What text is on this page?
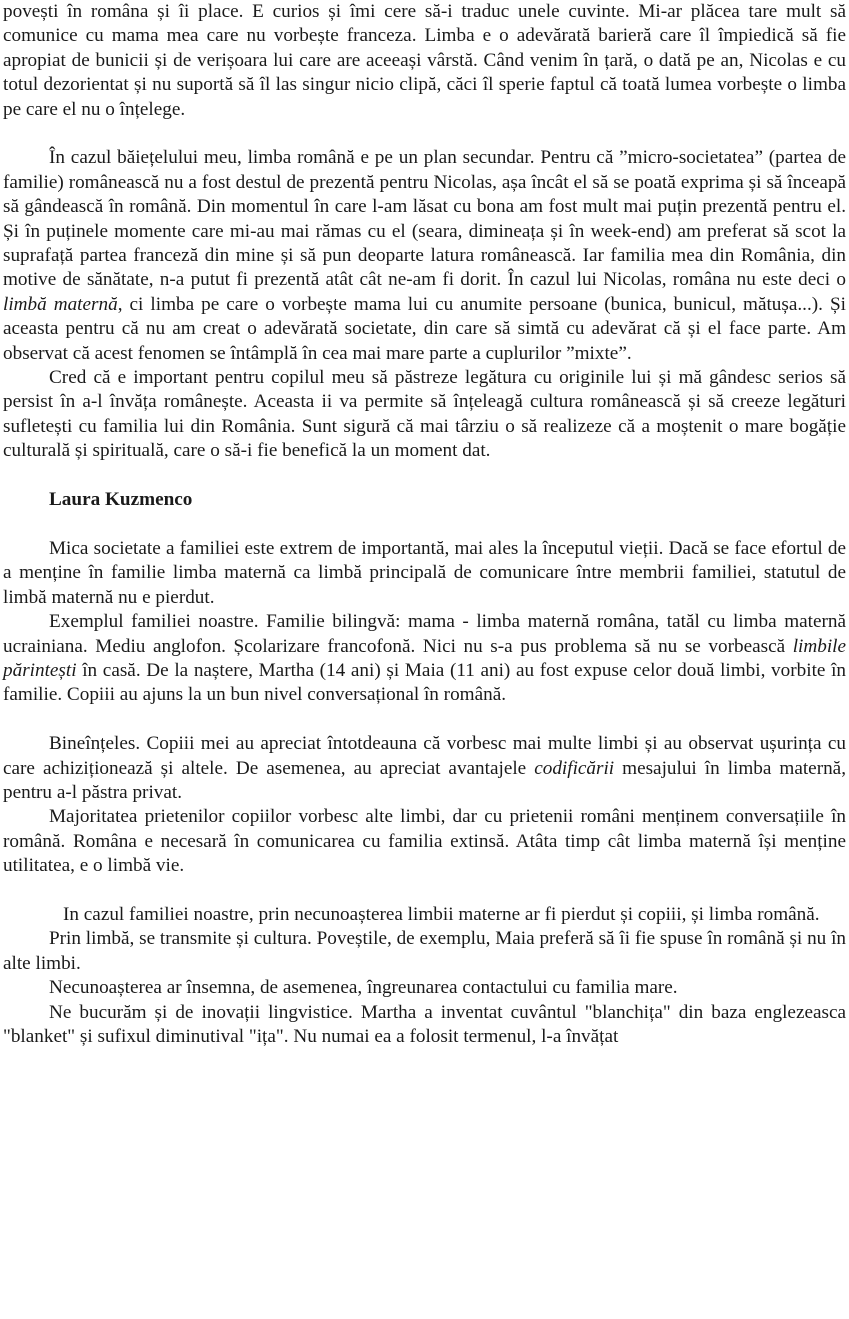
povești în româna și îi place. E curios și îmi cere să-i traduc unele cuvinte. Mi-ar plăcea tare mult să comunice cu mama mea care nu vorbește franceza. Limba e o adevărată barieră care îl împiedică să fie apropiat de bunicii și de verișoara lui care are aceeași vârstă. Când venim în țară, o dată pe an, Nicolas e cu totul dezorientat și nu suportă să îl las singur nicio clipă, căci îl sperie faptul că toată lumea vorbește o limba pe care el nu o înțelege.

În cazul băiețelului meu, limba română e pe un plan secundar. Pentru că ”micro-societatea” (partea de familie) românească nu a fost destul de prezentă pentru Nicolas, așa încât el să se poată exprima și să înceapă să gândească în română. Din momentul în care l-am lăsat cu bona am fost mult mai puțin prezentă pentru el. Și în puținele momente care mi-au mai rămas cu el (seara, dimineața și în week-end) am preferat să scot la suprafață partea franceză din mine și să pun deoparte latura românească. Iar familia mea din România, din motive de sănătate, n-a putut fi prezentă atât cât ne-am fi dorit. În cazul lui Nicolas, româna nu este deci o limbă maternă, ci limba pe care o vorbește mama lui cu anumite persoane (bunica, bunicul, mătușa...). Și aceasta pentru că nu am creat o adevărată societate, din care să simtă cu adevărat că și el face parte. Am observat că acest fenomen se întâmplă în cea mai mare parte a cuplurilor ”mixte”.

Cred că e important pentru copilul meu să păstreze legătura cu originile lui și mă gândesc serios să persist în a-l învăța românește. Aceasta ii va permite să înțeleagă cultura românească și să creeze legături sufletești cu familia lui din România. Sunt sigură că mai târziu o să realizeze că a moștenit o mare bogăție culturală și spirituală, care o să-i fie benefică la un moment dat.

Laura Kuzmenco

Mica societate a familiei este extrem de importantă, mai ales la începutul vieții. Dacă se face efortul de a menține în familie limba maternă ca limbă principală de comunicare între membrii familiei, statutul de limbă maternă nu e pierdut.

Exemplul familiei noastre. Familie bilingvă: mama - limba maternă româna, tatăl cu limba maternă ucrainiana. Mediu anglofon. Școlarizare francofonă. Nici nu s-a pus problema să nu se vorbească limbile părintești în casă. De la naștere, Martha (14 ani) și Maia (11 ani) au fost expuse celor două limbi, vorbite în familie. Copiii au ajuns la un bun nivel conversațional în română.

Bineînțeles. Copiii mei au apreciat întotdeauna că vorbesc mai multe limbi și au observat ușurința cu care achiziționează și altele. De asemenea, au apreciat avantajele codificării mesajului în limba maternă, pentru a-l păstra privat.

Majoritatea prietenilor copiilor vorbesc alte limbi, dar cu prietenii români menținem conversațiile în română. Româna e necesară în comunicarea cu familia extinsă. Atâta timp cât limba maternă își menține utilitatea, e o limbă vie.

In cazul familiei noastre, prin necunoașterea limbii materne ar fi pierdut și copiii, și limba română.

Prin limbă, se transmite și cultura. Poveștile, de exemplu, Maia preferă să îi fie spuse în română și nu în alte limbi.

Necunoașterea ar însemna, de asemenea, îngreunarea contactului cu familia mare.

Ne bucurăm și de inovații lingvistice. Martha a inventat cuvântul "blanchița" din baza englezeasca "blanket" și sufixul diminutival "ița". Nu numai ea a folosit termenul, l-a învățat
